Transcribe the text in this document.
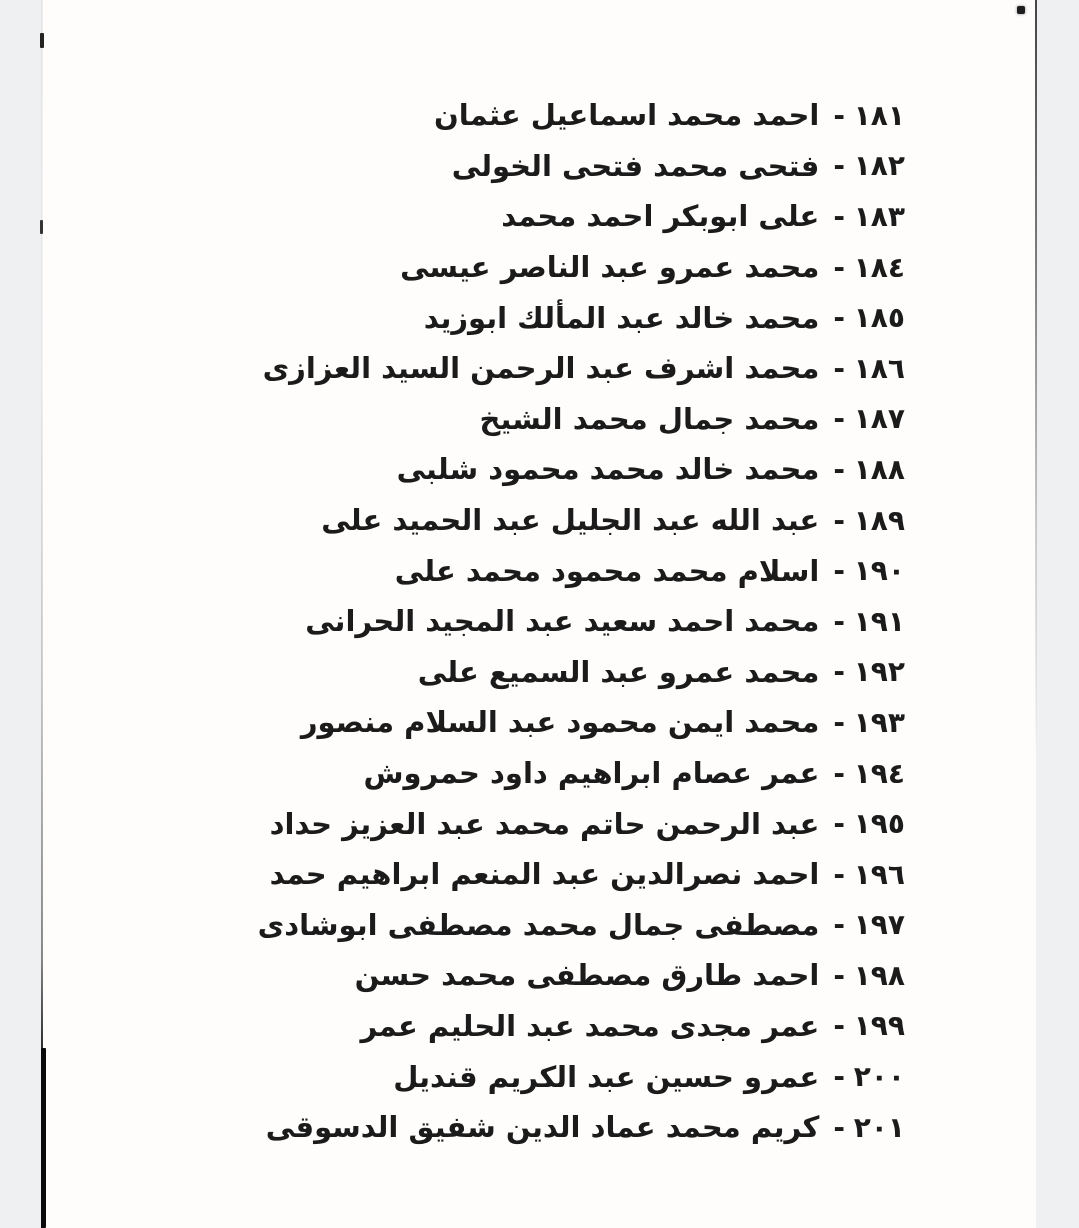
١٨١
-
احمد محمد اسماعيل عثمان
١٨٢
-
فتحى محمد فتحى الخولى
١٨٣
-
على ابوبكر احمد محمد
١٨٤
-
محمد عمرو عبد الناصر عيسى
١٨٥
-
محمد خالد عبد المألك ابوزيد
١٨٦
-
محمد اشرف عبد الرحمن السيد العزازى
١٨٧
-
محمد جمال محمد الشيخ
١٨٨
-
محمد خالد محمد محمود شلبى
١٨٩
-
عبد الله عبد الجليل عبد الحميد على
١٩٠
-
اسلام محمد محمود محمد على
١٩١
-
محمد احمد سعيد عبد المجيد الحرانى
١٩٢
-
محمد عمرو عبد السميع على
١٩٣
-
محمد ايمن محمود عبد السلام منصور
١٩٤
-
عمر عصام ابراهيم داود حمروش
١٩٥
-
عبد الرحمن حاتم محمد عبد العزيز حداد
١٩٦
-
احمد نصرالدين عبد المنعم ابراهيم حمد
١٩٧
-
مصطفى جمال محمد مصطفى ابوشادى
١٩٨
-
احمد طارق مصطفى محمد حسن
١٩٩
-
عمر مجدى محمد عبد الحليم عمر
٢٠٠
-
عمرو حسين عبد الكريم قنديل
٢٠١
-
كريم محمد عماد الدين شفيق الدسوقى
